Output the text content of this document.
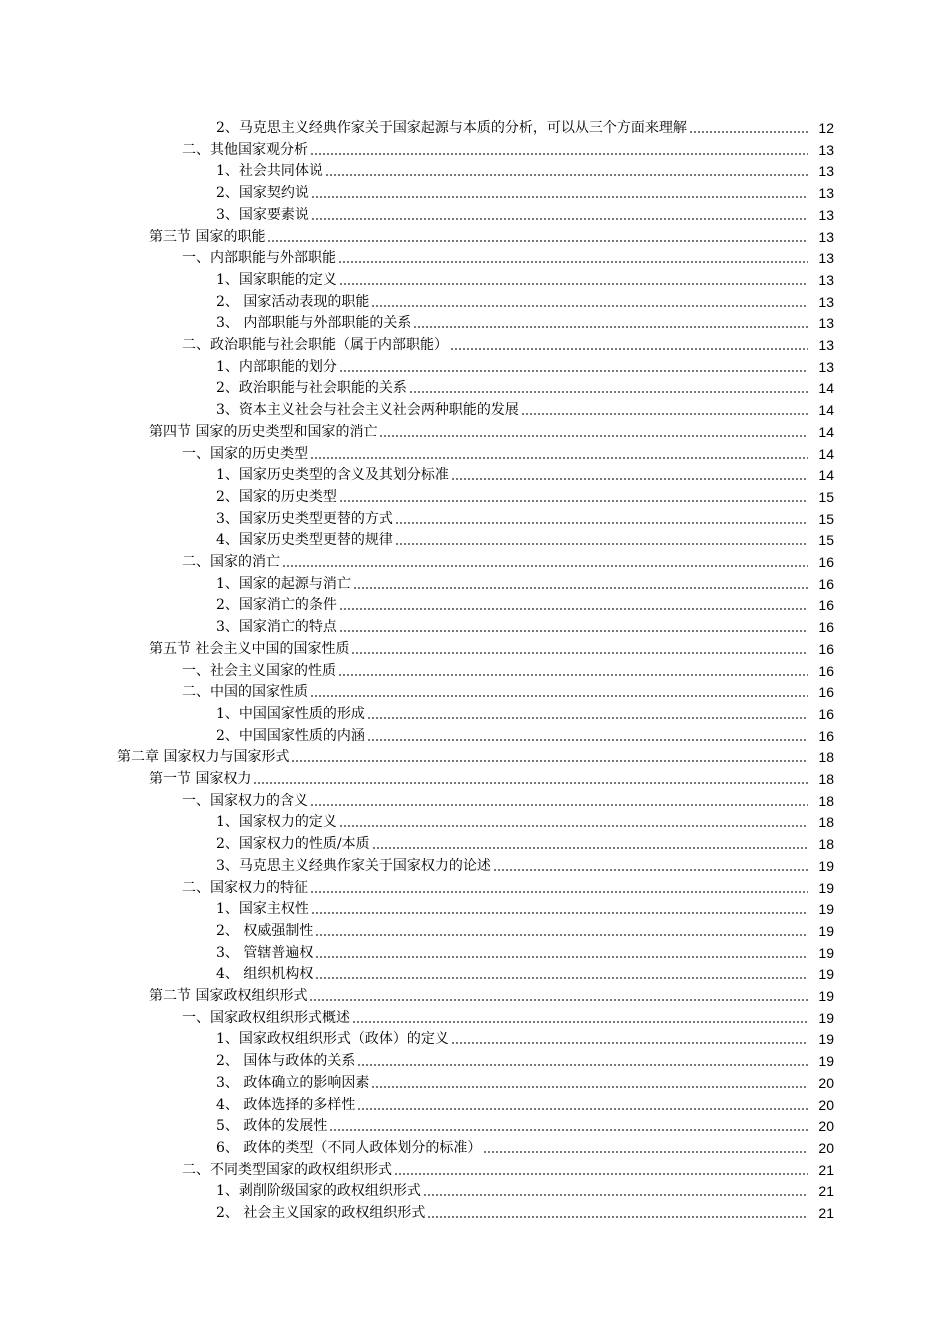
2、马克思主义经典作家关于国家起源与本质的分析，可以从三个方面来理解	12
二、其他国家观分析	13
1、社会共同体说	13
2、国家契约说	13
3、国家要素说	13
第三节 国家的职能	13
一、内部职能与外部职能	13
1、国家职能的定义	13
2、 国家活动表现的职能	13
3、 内部职能与外部职能的关系	13
二、政治职能与社会职能（属于内部职能）	13
1、内部职能的划分	13
2、政治职能与社会职能的关系	14
3、资本主义社会与社会主义社会两种职能的发展	14
第四节 国家的历史类型和国家的消亡	14
一、国家的历史类型	14
1、国家历史类型的含义及其划分标准	14
2、国家的历史类型	15
3、国家历史类型更替的方式	15
4、国家历史类型更替的规律	15
二、国家的消亡	16
1、国家的起源与消亡	16
2、国家消亡的条件	16
3、国家消亡的特点	16
第五节 社会主义中国的国家性质	16
一、社会主义国家的性质	16
二、中国的国家性质	16
1、中国国家性质的形成	16
2、中国国家性质的内涵	16
第二章 国家权力与国家形式	18
第一节 国家权力	18
一、国家权力的含义	18
1、国家权力的定义	18
2、国家权力的性质/本质	18
3、马克思主义经典作家关于国家权力的论述	19
二、国家权力的特征	19
1、国家主权性	19
2、 权威强制性	19
3、 管辖普遍权	19
4、 组织机构权	19
第二节 国家政权组织形式	19
一、国家政权组织形式概述	19
1、国家政权组织形式（政体）的定义	19
2、 国体与政体的关系	19
3、 政体确立的影响因素	20
4、 政体选择的多样性	20
5、 政体的发展性	20
6、 政体的类型（不同人政体划分的标准）	20
二、不同类型国家的政权组织形式	21
1、剥削阶级国家的政权组织形式	21
2、 社会主义国家的政权组织形式	21
